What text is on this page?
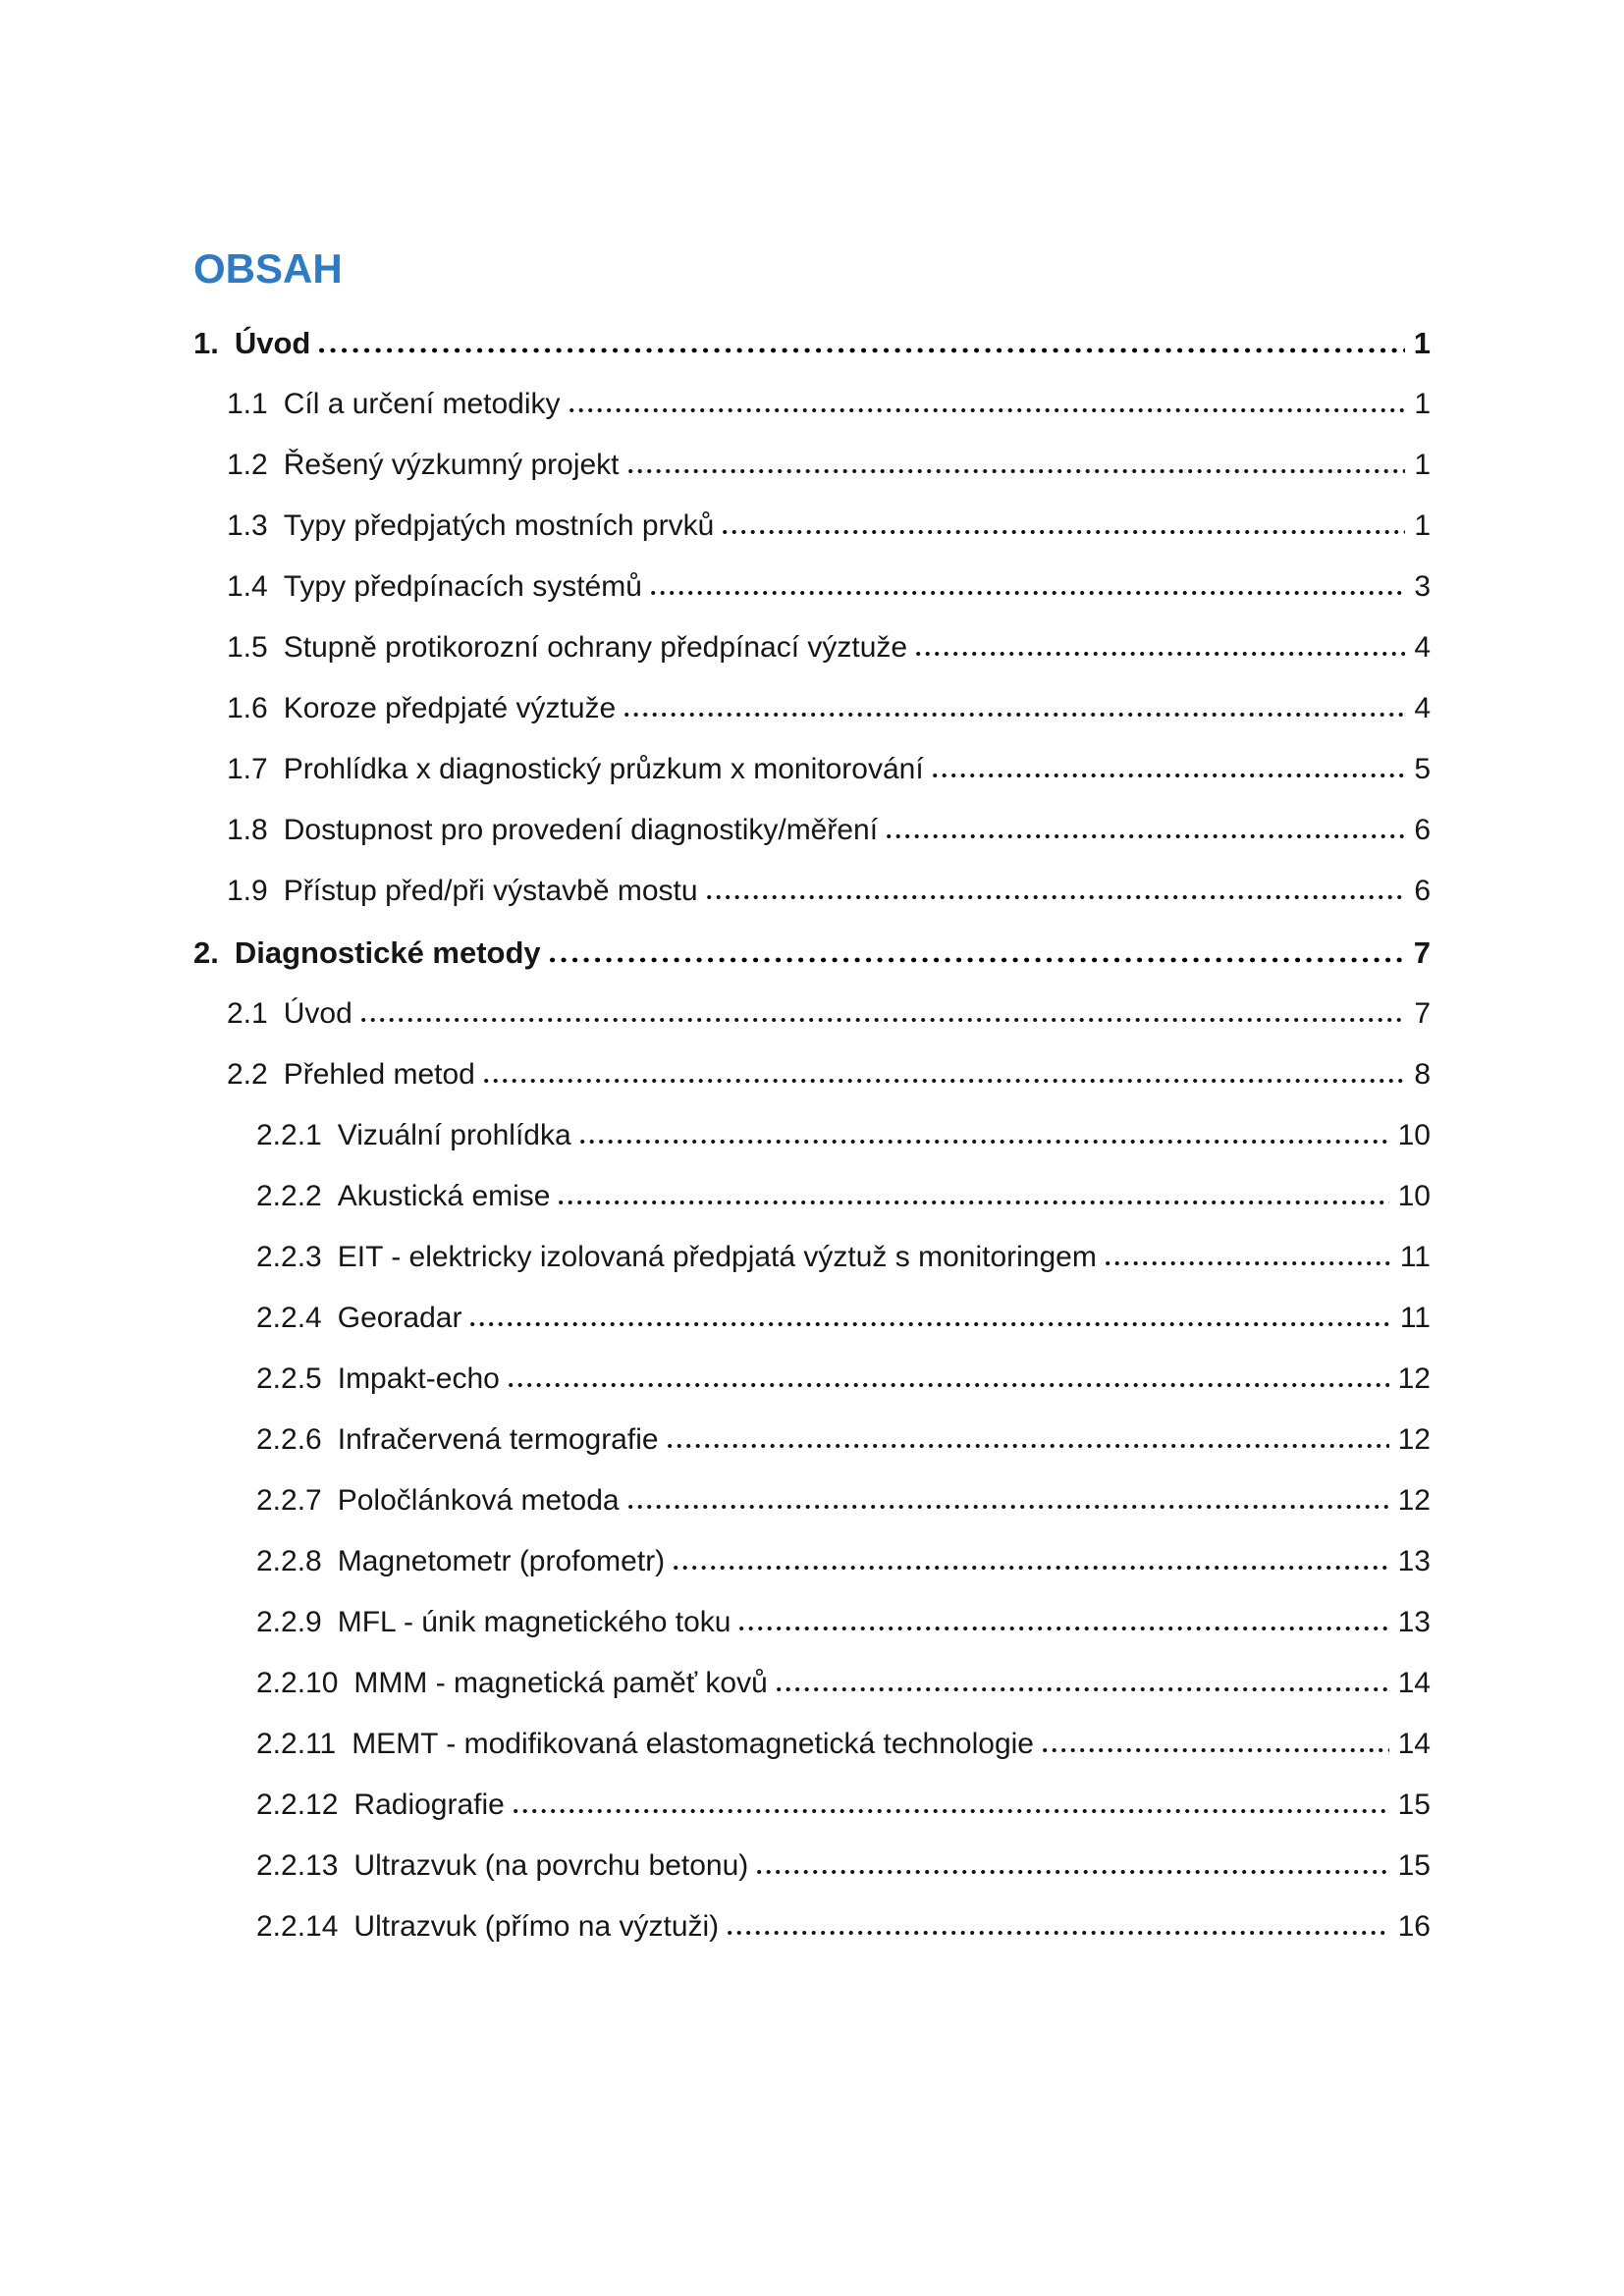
OBSAH
1. Úvod	1
1.1 Cíl a určení metodiky	1
1.2 Řešený výzkumný projekt	1
1.3 Typy předpjatých mostních prvků	1
1.4 Typy předpínacích systémů	3
1.5 Stupně protikorozní ochrany předpínací výztuže	4
1.6 Koroze předpjaté výztuže	4
1.7 Prohlídka x diagnostický průzkum x monitorování	5
1.8 Dostupnost pro provedení diagnostiky/měření	6
1.9 Přístup před/při výstavbě mostu	6
2. Diagnostické metody	7
2.1 Úvod	7
2.2 Přehled metod	8
2.2.1 Vizuální prohlídka	10
2.2.2 Akustická emise	10
2.2.3 EIT - elektricky izolovaná předpjatá výztuž s monitoringem	11
2.2.4 Georadar	11
2.2.5 Impakt-echo	12
2.2.6 Infračervená termografie	12
2.2.7 Poločlánková metoda	12
2.2.8 Magnetometr (profometr)	13
2.2.9 MFL - únik magnetického toku	13
2.2.10 MMM - magnetická paměť kovů	14
2.2.11 MEMT - modifikovaná elastomagnetická technologie	14
2.2.12 Radiografie	15
2.2.13 Ultrazvuk (na povrchu betonu)	15
2.2.14 Ultrazvuk (přímo na výztuži)	16
